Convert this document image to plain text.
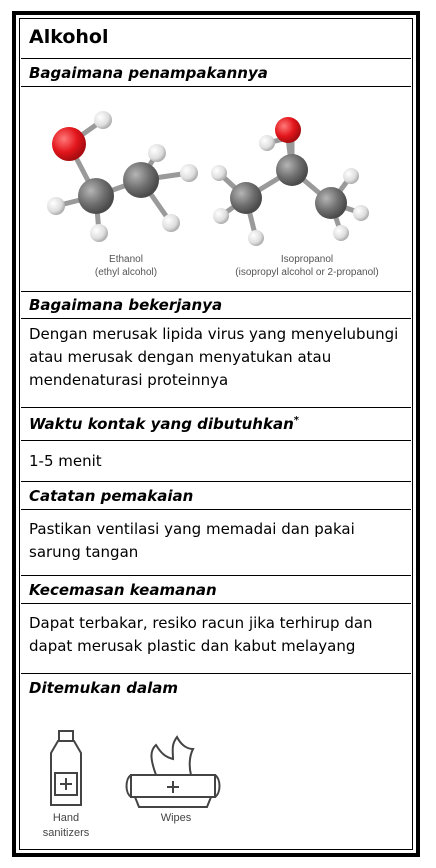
Alkohol
Bagaimana penampakannya
Ethanol
(ethyl alcohol)
Isopropanol
(isopropyl alcohol or 2-propanol)
Bagaimana bekerjanya
Dengan merusak lipida virus yang menyelubungi atau merusak dengan menyatukan atau mendenaturasi proteinnya
Waktu kontak yang dibutuhkan*
1-5 menit
Catatan pemakaian
Pastikan ventilasi yang memadai dan pakai sarung tangan
Kecemasan keamanan
Dapat terbakar, resiko racun jika terhirup dan dapat merusak plastic dan kabut melayang
Ditemukan dalam
Hand
sanitizers
Wipes
